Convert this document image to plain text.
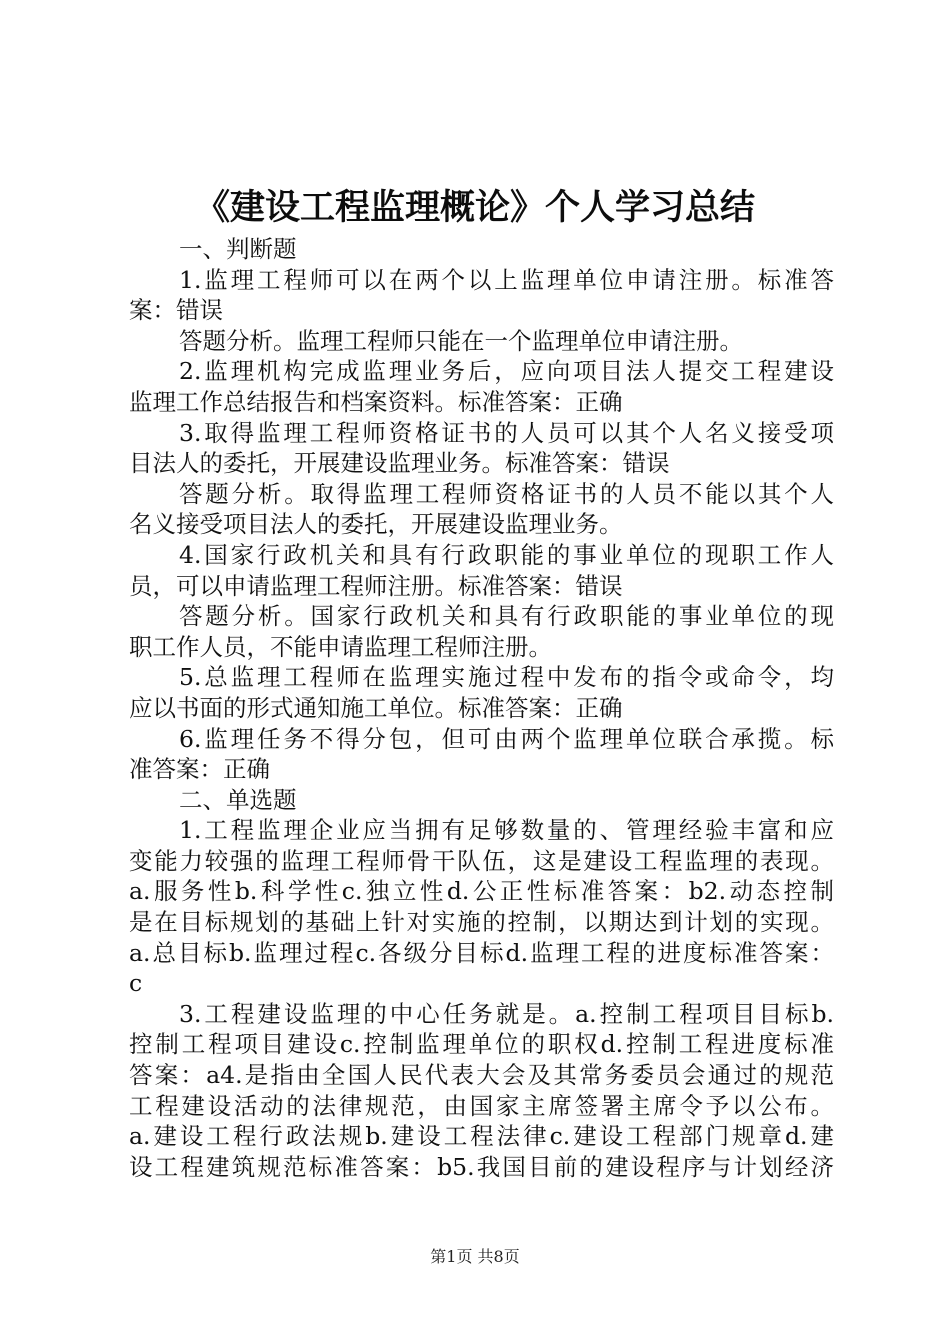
《建设工程监理概论》个人学习总结
一、判断题
1.监理工程师可以在两个以上监理单位申请注册。标准答
案：错误
答题分析。监理工程师只能在一个监理单位申请注册。
2.监理机构完成监理业务后，应向项目法人提交工程建设
监理工作总结报告和档案资料。标准答案：正确
3.取得监理工程师资格证书的人员可以其个人名义接受项
目法人的委托，开展建设监理业务。标准答案：错误
答题分析。取得监理工程师资格证书的人员不能以其个人
名义接受项目法人的委托，开展建设监理业务。
4.国家行政机关和具有行政职能的事业单位的现职工作人
员，可以申请监理工程师注册。标准答案：错误
答题分析。国家行政机关和具有行政职能的事业单位的现
职工作人员，不能申请监理工程师注册。
5.总监理工程师在监理实施过程中发布的指令或命令，均
应以书面的形式通知施工单位。标准答案：正确
6.监理任务不得分包，但可由两个监理单位联合承揽。标
准答案：正确
二、单选题
1.工程监理企业应当拥有足够数量的、管理经验丰富和应
变能力较强的监理工程师骨干队伍，这是建设工程监理的表现。
a.服务性b.科学性c.独立性d.公正性标准答案：b2.动态控制
是在目标规划的基础上针对实施的控制，以期达到计划的实现。
a.总目标b.监理过程c.各级分目标d.监理工程的进度标准答案：
c
3.工程建设监理的中心任务就是。a.控制工程项目目标b.
控制工程项目建设c.控制监理单位的职权d.控制工程进度标准
答案：a4.是指由全国人民代表大会及其常务委员会通过的规范
工程建设活动的法律规范，由国家主席签署主席令予以公布。
a.建设工程行政法规b.建设工程法律c.建设工程部门规章d.建
设工程建筑规范标准答案：b5.我国目前的建设程序与计划经济
第1页 共8页
